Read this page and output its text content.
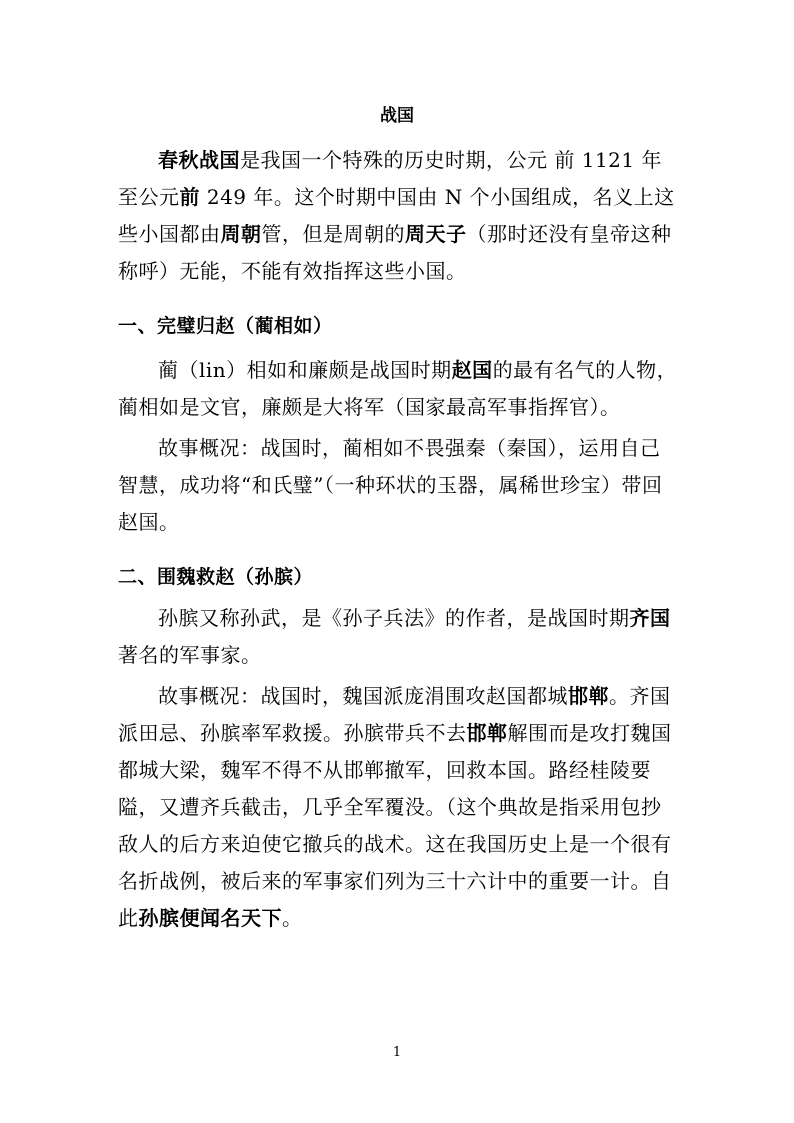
战国

春秋战国是我国一个特殊的历史时期，公元 前 1121 年至公元前 249 年。这个时期中国由 N 个小国组成，名义上这些小国都由周朝管，但是周朝的周天子（那时还没有皇帝这种称呼）无能，不能有效指挥这些小国。

一、完璧归赵（蔺相如）

蔺（lin）相如和廉颇是战国时期赵国的最有名气的人物，蔺相如是文官，廉颇是大将军（国家最高军事指挥官）。

故事概况：战国时，蔺相如不畏强秦（秦国），运用自己智慧，成功将“和氏璧”（一种环状的玉器，属稀世珍宝）带回赵国。

二、围魏救赵（孙膑）

孙膑又称孙武，是《孙子兵法》的作者，是战国时期齐国著名的军事家。

故事概况：战国时，魏国派庞涓围攻赵国都城邯郸。齐国派田忌、孙膑率军救援。孙膑带兵不去邯郸解围而是攻打魏国都城大梁，魏军不得不从邯郸撤军，回救本国。路经桂陵要隘，又遭齐兵截击，几乎全军覆没。（这个典故是指采用包抄敌人的后方来迫使它撤兵的战术。这在我国历史上是一个很有名折战例，被后来的军事家们列为三十六计中的重要一计。自此孙膑便闻名天下。

1
